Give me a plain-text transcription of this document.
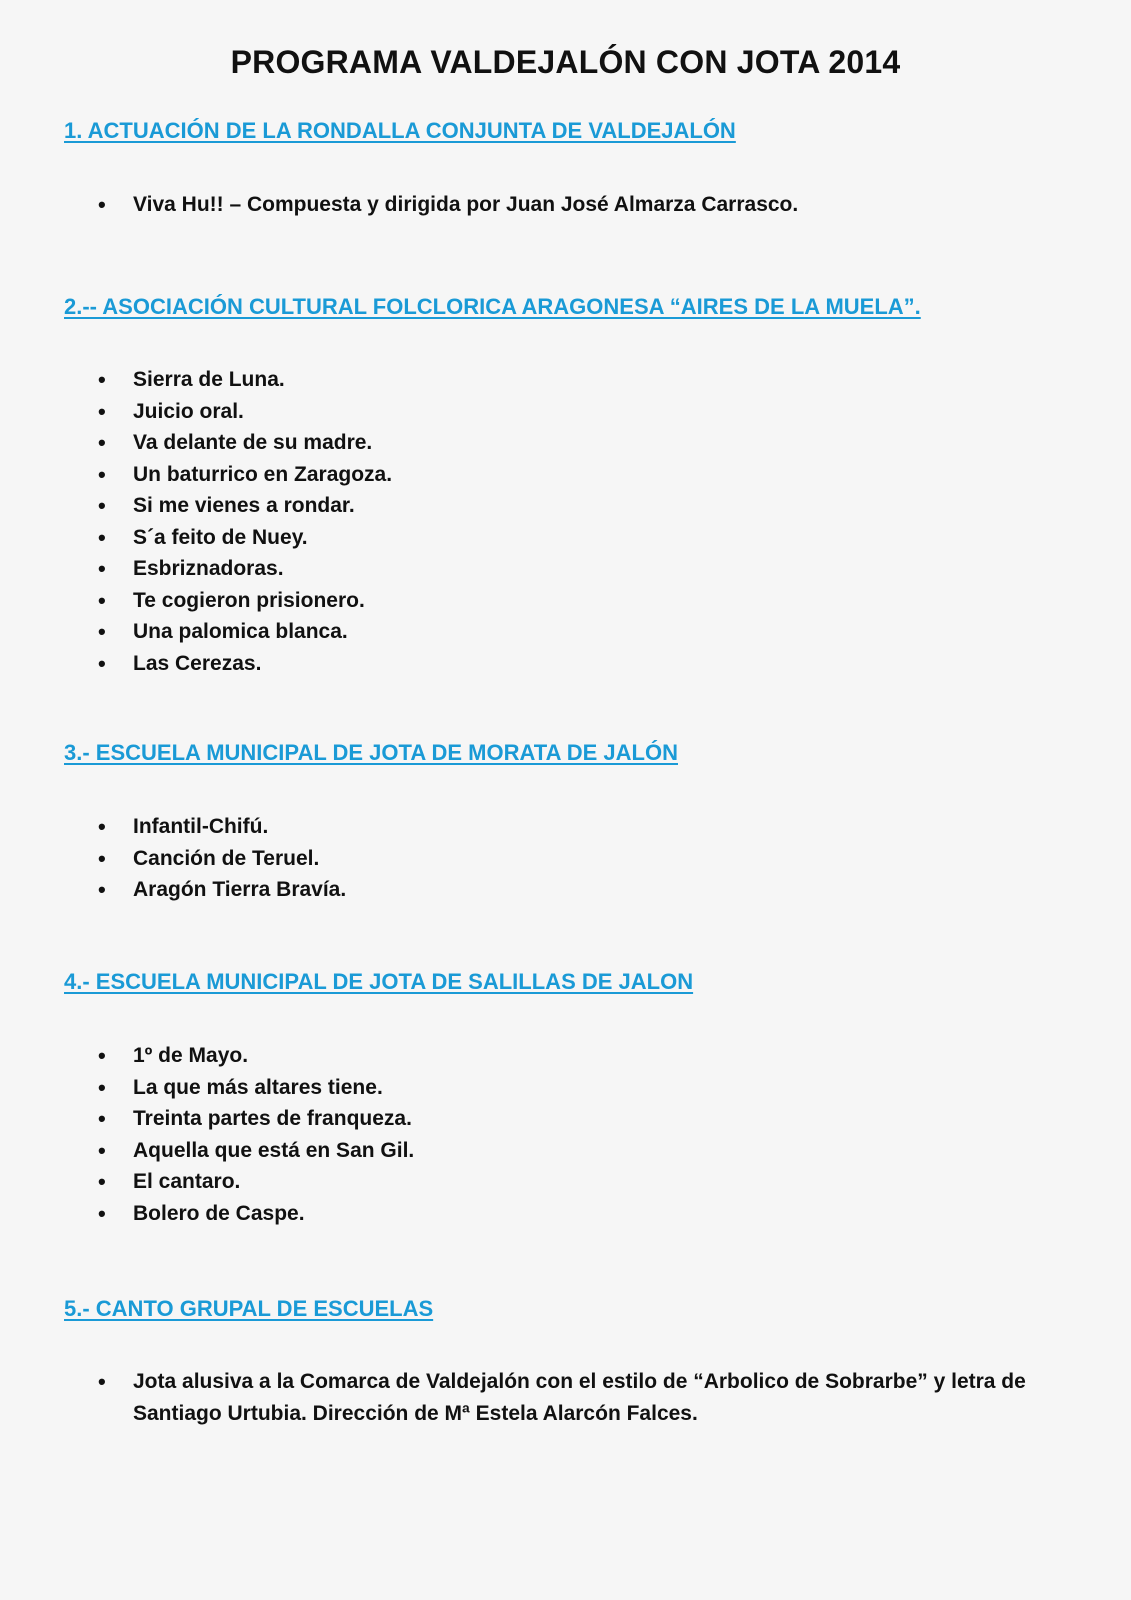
PROGRAMA VALDEJALÓN CON JOTA 2014
1. ACTUACIÓN DE LA RONDALLA CONJUNTA DE VALDEJALÓN
• Viva Hu!! – Compuesta y dirigida por Juan José Almarza Carrasco.
2.-- ASOCIACIÓN CULTURAL FOLCLORICA ARAGONESA “AIRES DE LA MUELA”.
• Sierra de Luna.
• Juicio oral.
• Va delante de su madre.
• Un baturrico en Zaragoza.
• Si me vienes a rondar.
• S´a feito de Nuey.
• Esbriznadoras.
• Te cogieron prisionero.
• Una palomica blanca.
• Las Cerezas.
3.- ESCUELA MUNICIPAL DE JOTA DE MORATA DE JALÓN
• Infantil-Chifú.
• Canción de Teruel.
• Aragón Tierra Bravía.
4.- ESCUELA MUNICIPAL DE JOTA DE SALILLAS DE JALON
• 1º de Mayo.
• La que más altares tiene.
• Treinta partes de franqueza.
• Aquella que está en San Gil.
• El cantaro.
• Bolero de Caspe.
5.- CANTO GRUPAL DE ESCUELAS
• Jota alusiva a la Comarca de Valdejalón con el estilo de “Arbolico de Sobrarbe” y letra de Santiago Urtubia. Dirección de Mª Estela Alarcón Falces.
